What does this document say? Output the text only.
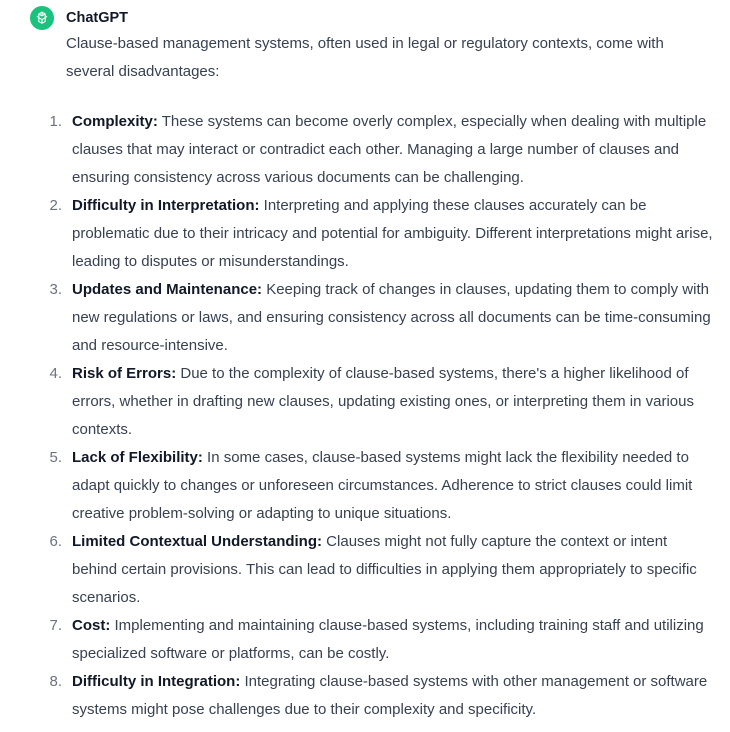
ChatGPT

Clause-based management systems, often used in legal or regulatory contexts, come with several disadvantages:

1. Complexity: These systems can become overly complex, especially when dealing with multiple clauses that may interact or contradict each other. Managing a large number of clauses and ensuring consistency across various documents can be challenging.
2. Difficulty in Interpretation: Interpreting and applying these clauses accurately can be problematic due to their intricacy and potential for ambiguity. Different interpretations might arise, leading to disputes or misunderstandings.
3. Updates and Maintenance: Keeping track of changes in clauses, updating them to comply with new regulations or laws, and ensuring consistency across all documents can be time-consuming and resource-intensive.
4. Risk of Errors: Due to the complexity of clause-based systems, there's a higher likelihood of errors, whether in drafting new clauses, updating existing ones, or interpreting them in various contexts.
5. Lack of Flexibility: In some cases, clause-based systems might lack the flexibility needed to adapt quickly to changes or unforeseen circumstances. Adherence to strict clauses could limit creative problem-solving or adapting to unique situations.
6. Limited Contextual Understanding: Clauses might not fully capture the context or intent behind certain provisions. This can lead to difficulties in applying them appropriately to specific scenarios.
7. Cost: Implementing and maintaining clause-based systems, including training staff and utilizing specialized software or platforms, can be costly.
8. Difficulty in Integration: Integrating clause-based systems with other management or software systems might pose challenges due to their complexity and specificity.
